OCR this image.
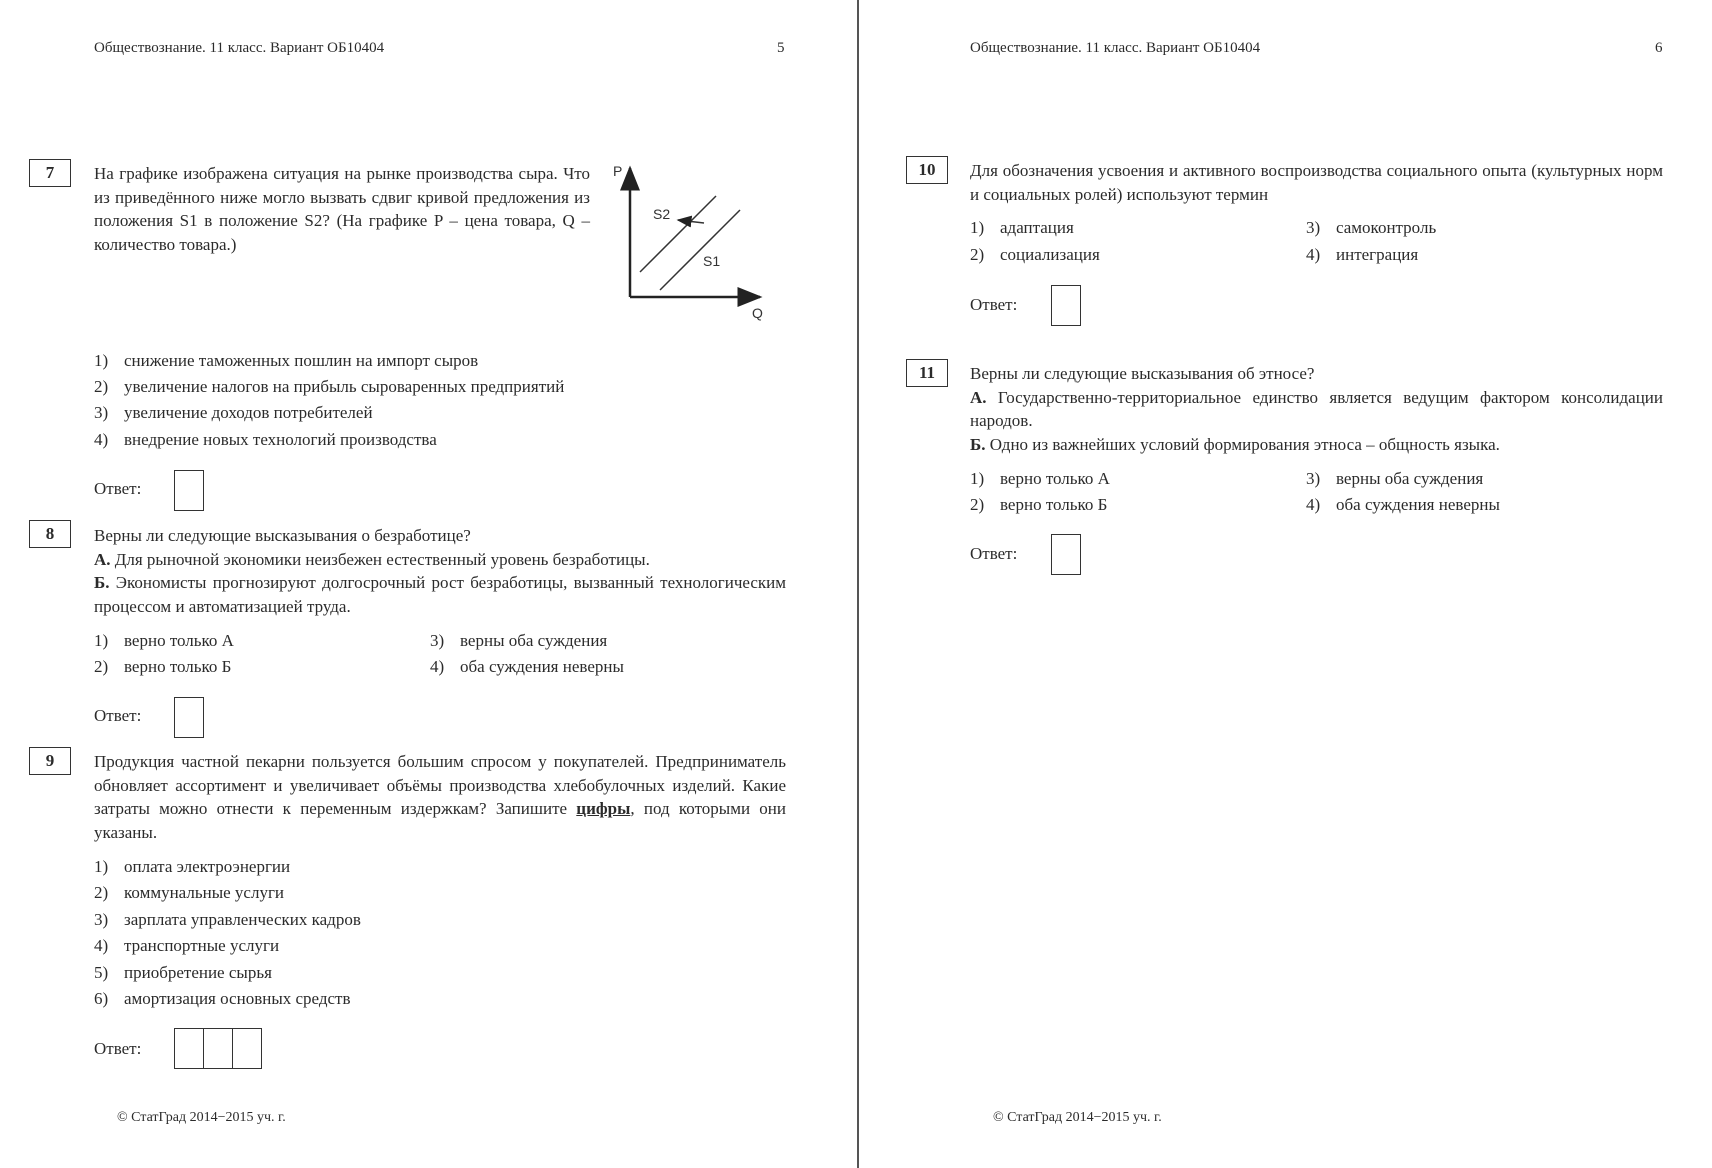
Обществознание. 11 класс. Вариант ОБ10404	5
7	На графике изображена ситуация на рынке производства сыра. Что из приведённого ниже могло вызвать сдвиг кривой предложения из положения S1 в положение S2? (На графике P – цена товара, Q – количество товара.)
P
Q
S2
S1
1) снижение таможенных пошлин на импорт сыров
2) увеличение налогов на прибыль сыроваренных предприятий
3) увеличение доходов потребителей
4) внедрение новых технологий производства
Ответ:
8	Верны ли следующие высказывания о безработице?
А. Для рыночной экономики неизбежен естественный уровень безработицы.
Б. Экономисты прогнозируют долгосрочный рост безработицы, вызванный технологическим процессом и автоматизацией труда.
1) верно только А
2) верно только Б
3) верны оба суждения
4) оба суждения неверны
Ответ:
9	Продукция частной пекарни пользуется большим спросом у покупателей. Предприниматель обновляет ассортимент и увеличивает объёмы производства хлебобулочных изделий. Какие затраты можно отнести к переменным издержкам? Запишите цифры, под которыми они указаны.
1) оплата электроэнергии
2) коммунальные услуги
3) зарплата управленческих кадров
4) транспортные услуги
5) приобретение сырья
6) амортизация основных средств
Ответ:
© СтатГрад 2014−2015 уч. г.
Обществознание. 11 класс. Вариант ОБ10404	6
10	Для обозначения усвоения и активного воспроизводства социального опыта (культурных норм и социальных ролей) используют термин
1) адаптация
2) социализация
3) самоконтроль
4) интеграция
Ответ:
11	Верны ли следующие высказывания об этносе?
А. Государственно-территориальное единство является ведущим фактором консолидации народов.
Б. Одно из важнейших условий формирования этноса – общность языка.
1) верно только А
2) верно только Б
3) верны оба суждения
4) оба суждения неверны
Ответ:
© СтатГрад 2014−2015 уч. г.
